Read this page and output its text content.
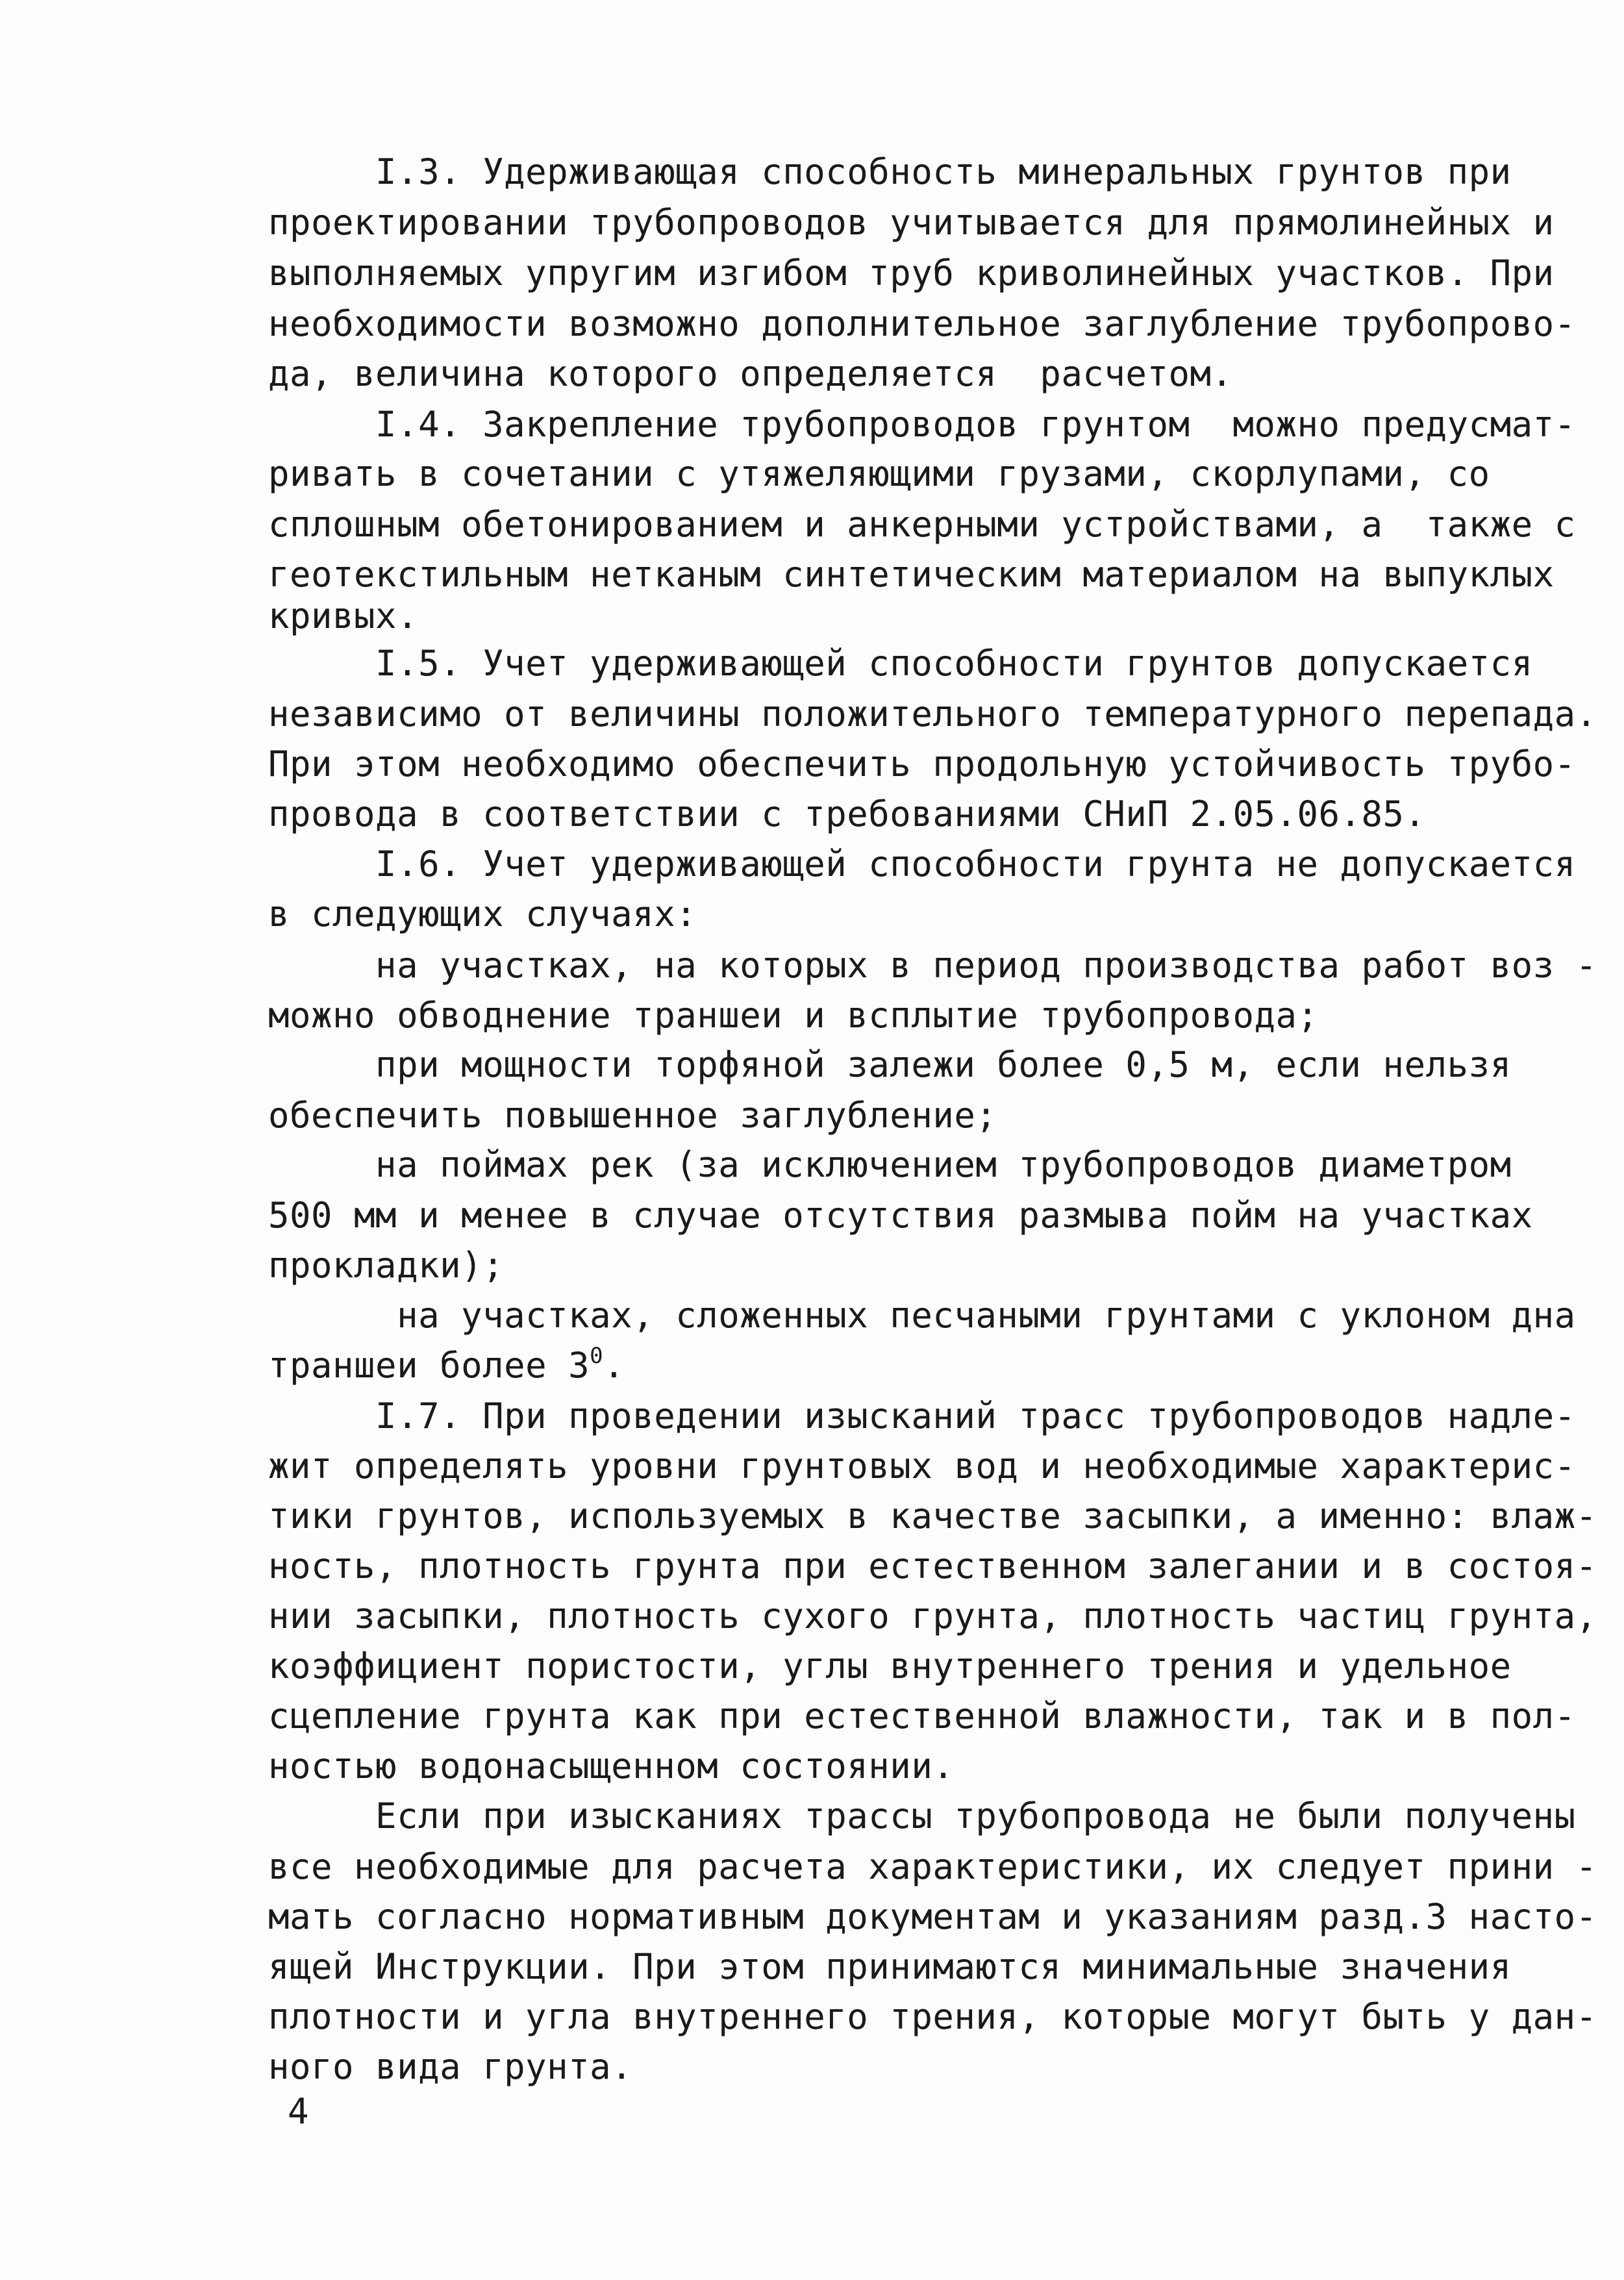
I.3. Удерживающая способность минеральных грунтов при
проектировании трубопроводов учитывается для прямолинейных и
выполняемых упругим изгибом труб криволинейных участков. При
необходимости возможно дополнительное заглубление трубопрово-
да, величина которого определяется  расчетом.
I.4. Закрепление трубопроводов грунтом  можно предусмат-
ривать в сочетании с утяжеляющими грузами, скорлупами, со
сплошным обетонированием и анкерными устройствами, а  также с
геотекстильным нетканым синтетическим материалом на выпуклых
кривых.
I.5. Учет удерживающей способности грунтов допускается
независимо от величины положительного температурного перепада.
При этом необходимо обеспечить продольную устойчивость трубо-
провода в соответствии с требованиями СНиП 2.05.06.85.
I.6. Учет удерживающей способности грунта не допускается
в следующих случаях:
на участках, на которых в период производства работ воз -
можно обводнение траншеи и всплытие трубопровода;
при мощности торфяной залежи более 0,5 м, если нельзя
обеспечить повышенное заглубление;
на поймах рек (за исключением трубопроводов диаметром
500 мм и менее в случае отсутствия размыва пойм на участках
прокладки);
на участках, сложенных песчаными грунтами с уклоном дна
траншеи более $3^0$.
I.7. При проведении изысканий трасс трубопроводов надле-
жит определять уровни грунтовых вод и необходимые характерис-
тики грунтов, используемых в качестве засыпки, а именно: влаж-
ность, плотность грунта при естественном залегании и в состоя-
нии засыпки, плотность сухого грунта, плотность частиц грунта,
коэффициент пористости, углы внутреннего трения и удельное
сцепление грунта как при естественной влажности, так и в пол-
ностью водонасыщенном состоянии.
Если при изысканиях трассы трубопровода не были получены
все необходимые для расчета характеристики, их следует прини -
мать согласно нормативным документам и указаниям разд.3 насто-
ящей Инструкции. При этом принимаются минимальные значения
плотности и угла внутреннего трения, которые могут быть у дан-
ного вида грунта.
4
